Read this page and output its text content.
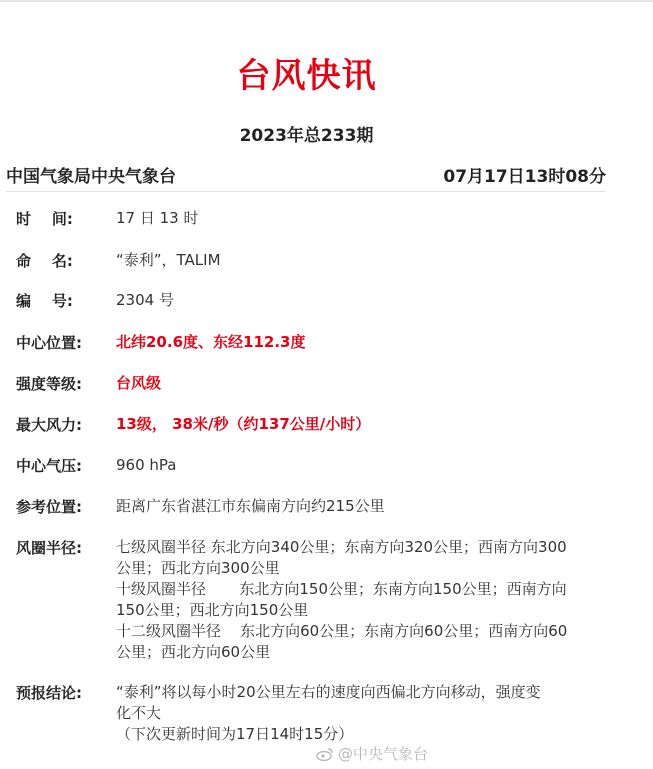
台风快讯
2023年总233期
中国气象局中央气象台	07月17日13时08分
时    间:	17 日 13 时
命    名:	“泰利”，TALIM
编    号:	2304 号
中心位置: 北纬20.6度、东经112.3度
强度等级: 台风级
最大风力: 13级， 38米/秒（约137公里/小时）
中心气压: 960 hPa
参考位置: 距离广东省湛江市东偏南方向约215公里
风圈半径: 七级风圈半径 东北方向340公里；东南方向320公里；西南方向300
公里；西北方向300公里
十级风圈半径       东北方向150公里；东南方向150公里；西南方向
150公里；西北方向150公里
十二级风圈半径    东北方向60公里；东南方向60公里；西南方向60
公里；西北方向60公里
预报结论: “泰利”将以每小时20公里左右的速度向西偏北方向移动，强度变
化不大
（下次更新时间为17日14时15分）
@中央气象台
